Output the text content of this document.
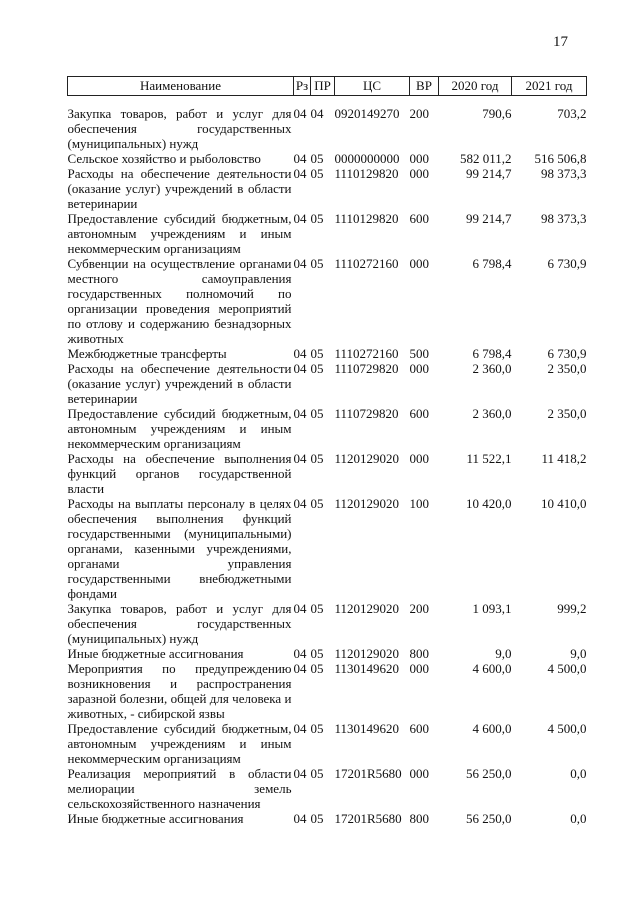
17
Наименование	Рз	ПР	ЦС	ВР	2020 год	2021 год
Закупка товаров, работ и услуг для обеспечения государственных (муниципальных) нужд	04	04	0920149270	200	790,6	703,2
Сельское хозяйство и рыболовство	04	05	0000000000	000	582 011,2	516 506,8
Расходы на обеспечение деятельности (оказание услуг) учреждений в области ветеринарии	04	05	1110129820	000	99 214,7	98 373,3
Предоставление субсидий бюджетным, автономным учреждениям и иным некоммерческим организациям	04	05	1110129820	600	99 214,7	98 373,3
Субвенции на осуществление органами местного самоуправления государственных полномочий по организации проведения мероприятий по отлову и содержанию безнадзорных животных	04	05	1110272160	000	6 798,4	6 730,9
Межбюджетные трансферты	04	05	1110272160	500	6 798,4	6 730,9
Расходы на обеспечение деятельности (оказание услуг) учреждений в области ветеринарии	04	05	1110729820	000	2 360,0	2 350,0
Предоставление субсидий бюджетным, автономным учреждениям и иным некоммерческим организациям	04	05	1110729820	600	2 360,0	2 350,0
Расходы на обеспечение выполнения функций органов государственной власти	04	05	1120129020	000	11 522,1	11 418,2
Расходы на выплаты персоналу в целях обеспечения выполнения функций государственными (муниципальными) органами, казенными учреждениями, органами управления государственными внебюджетными фондами	04	05	1120129020	100	10 420,0	10 410,0
Закупка товаров, работ и услуг для обеспечения государственных (муниципальных) нужд	04	05	1120129020	200	1 093,1	999,2
Иные бюджетные ассигнования	04	05	1120129020	800	9,0	9,0
Мероприятия по предупреждению возникновения и распространения заразной болезни, общей для человека и животных, - сибирской язвы	04	05	1130149620	000	4 600,0	4 500,0
Предоставление субсидий бюджетным, автономным учреждениям и иным некоммерческим организациям	04	05	1130149620	600	4 600,0	4 500,0
Реализация мероприятий в области мелиорации земель сельскохозяйственного назначения	04	05	17201R5680	000	56 250,0	0,0
Иные бюджетные ассигнования	04	05	17201R5680	800	56 250,0	0,0
